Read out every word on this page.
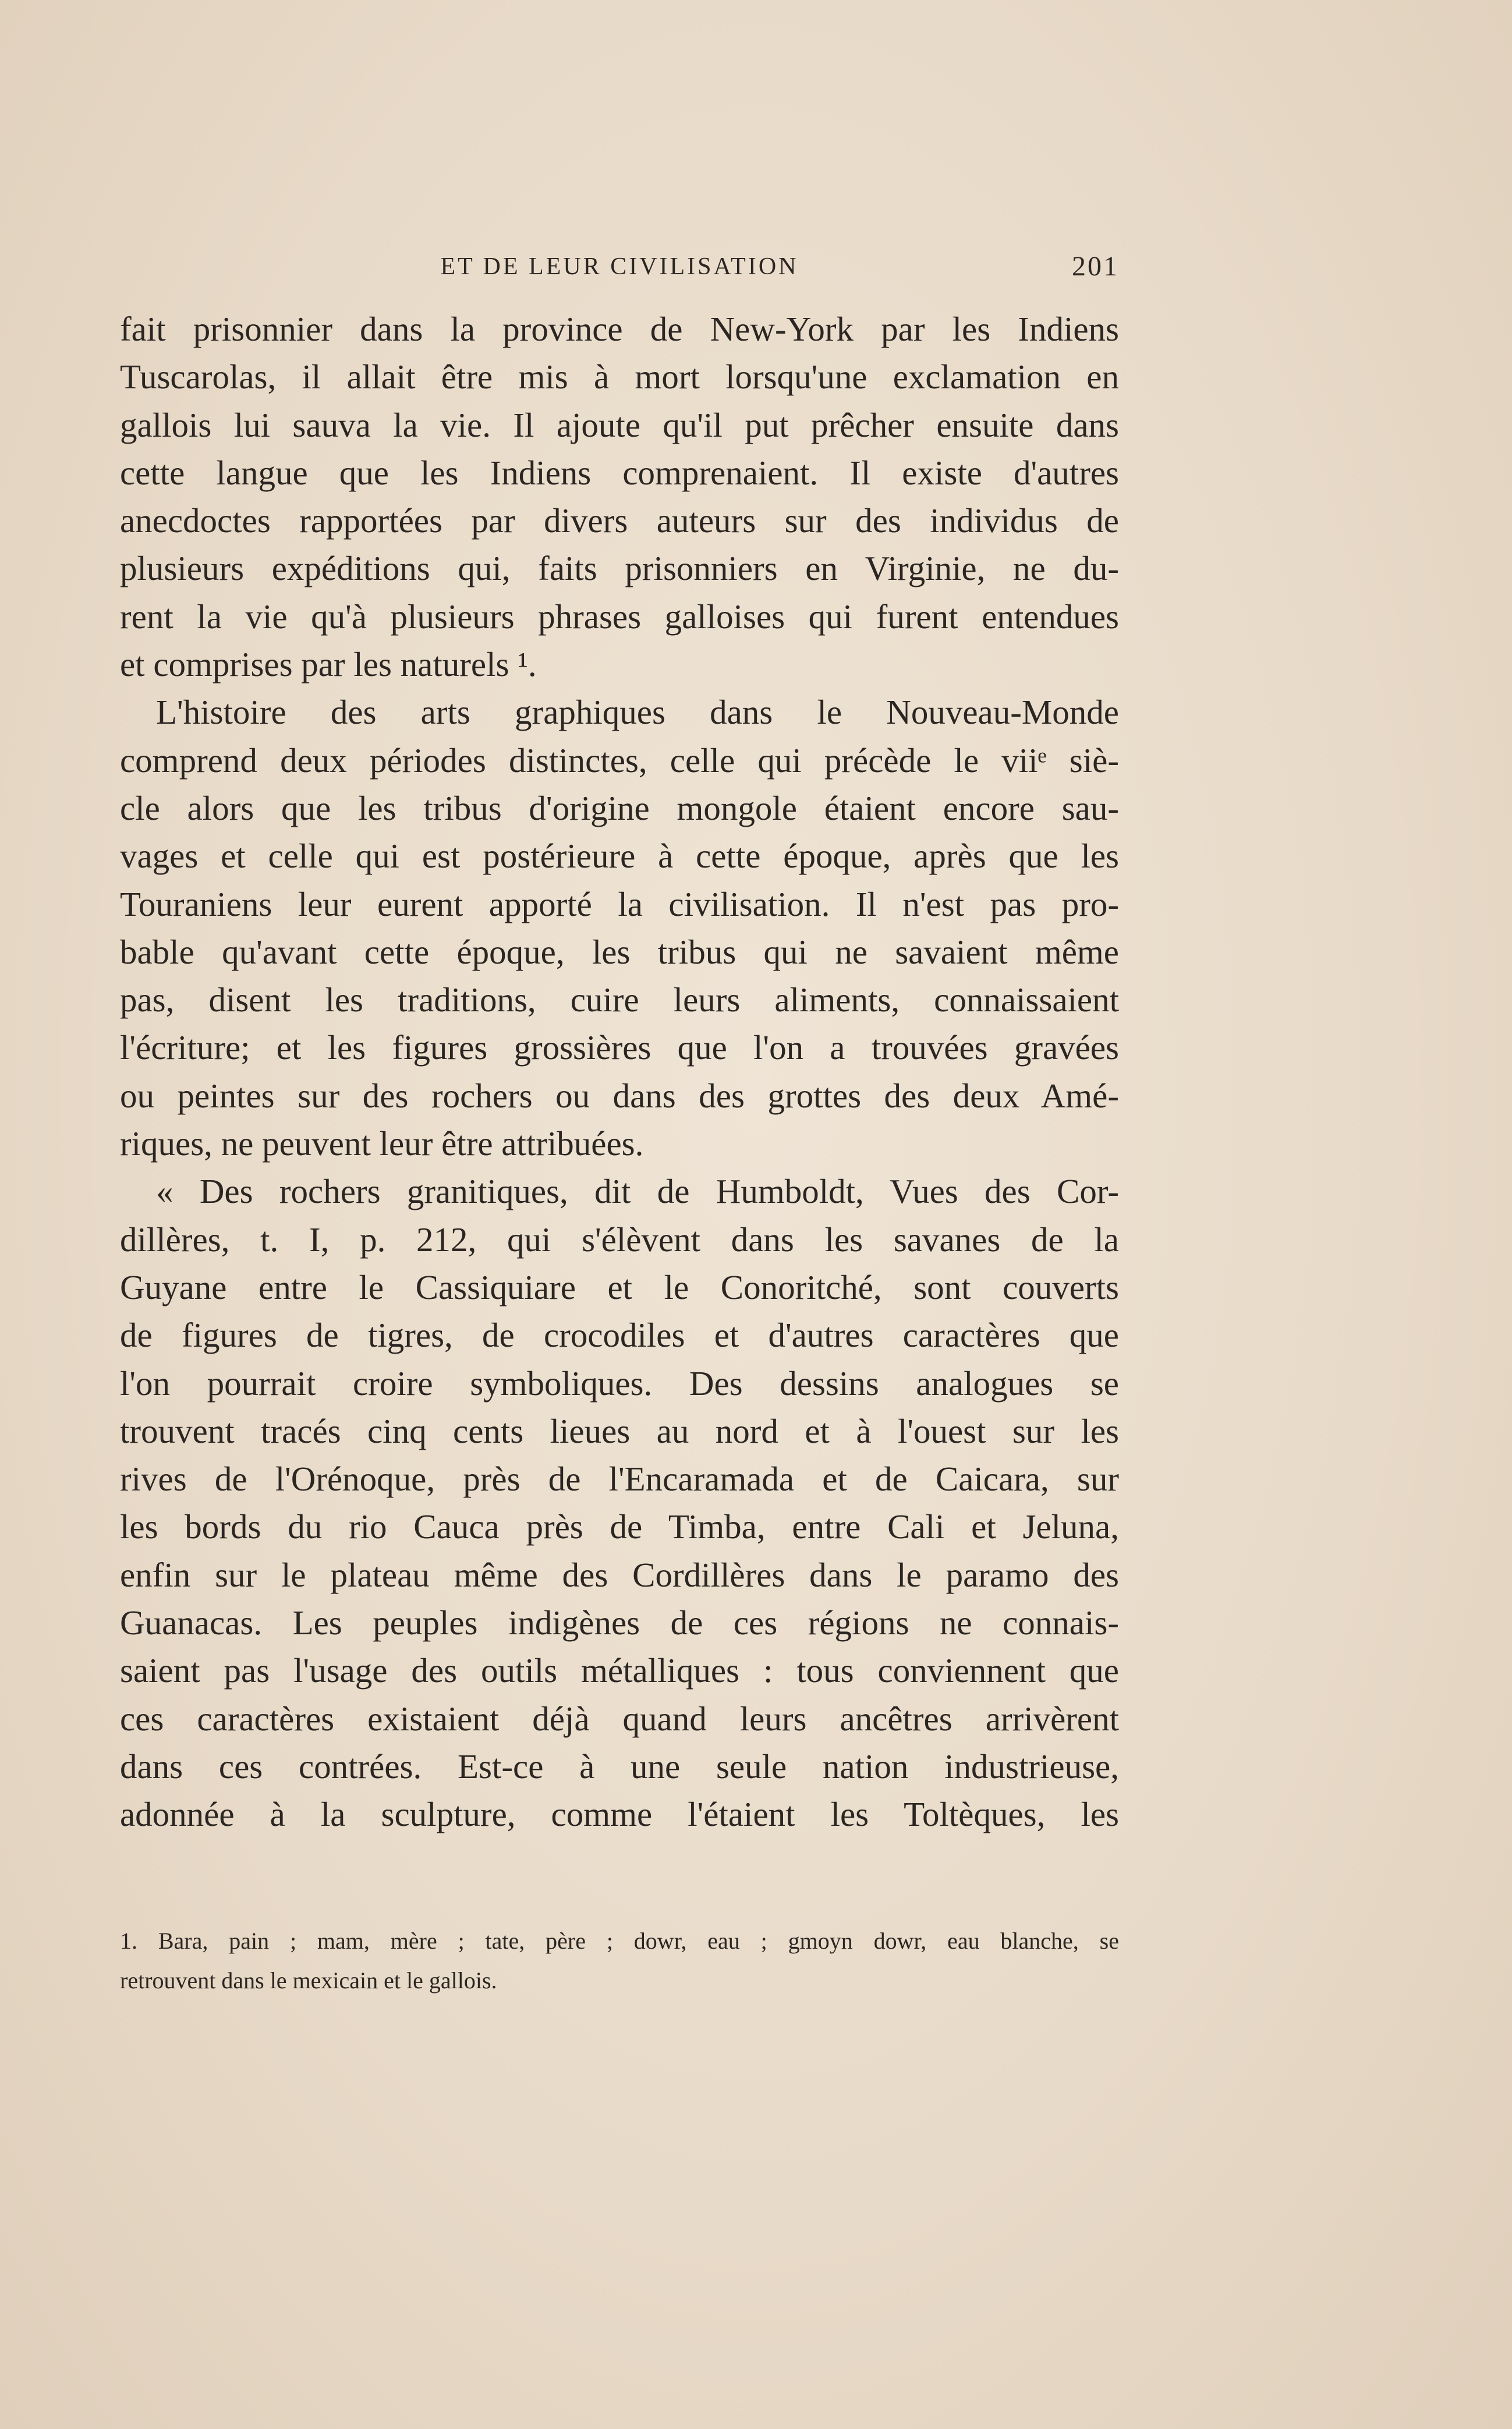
ET DE LEUR CIVILISATION	201
fait prisonnier dans la province de New-York par les Indiens
Tuscarolas, il allait être mis à mort lorsqu'une exclamation en
gallois lui sauva la vie. Il ajoute qu'il put prêcher ensuite dans
cette langue que les Indiens comprenaient. Il existe d'autres
anecdoctes rapportées par divers auteurs sur des individus de
plusieurs expéditions qui, faits prisonniers en Virginie, ne du-
rent la vie qu'à plusieurs phrases galloises qui furent entendues
et comprises par les naturels ¹.
L'histoire des arts graphiques dans le Nouveau-Monde
comprend deux périodes distinctes, celle qui précède le viiᵉ siè-
cle alors que les tribus d'origine mongole étaient encore sau-
vages et celle qui est postérieure à cette époque, après que les
Touraniens leur eurent apporté la civilisation. Il n'est pas pro-
bable qu'avant cette époque, les tribus qui ne savaient même
pas, disent les traditions, cuire leurs aliments, connaissaient
l'écriture; et les figures grossières que l'on a trouvées gravées
ou peintes sur des rochers ou dans des grottes des deux Amé-
riques, ne peuvent leur être attribuées.
« Des rochers granitiques, dit de Humboldt, Vues des Cor-
dillères, t. I, p. 212, qui s'élèvent dans les savanes de la
Guyane entre le Cassiquiare et le Conoritché, sont couverts
de figures de tigres, de crocodiles et d'autres caractères que
l'on pourrait croire symboliques. Des dessins analogues se
trouvent tracés cinq cents lieues au nord et à l'ouest sur les
rives de l'Orénoque, près de l'Encaramada et de Caicara, sur
les bords du rio Cauca près de Timba, entre Cali et Jeluna,
enfin sur le plateau même des Cordillères dans le paramo des
Guanacas. Les peuples indigènes de ces régions ne connais-
saient pas l'usage des outils métalliques : tous conviennent que
ces caractères existaient déjà quand leurs ancêtres arrivèrent
dans ces contrées. Est-ce à une seule nation industrieuse,
adonnée à la sculpture, comme l'étaient les Toltèques, les
1. Bara, pain ; mam, mère ; tate, père ; dowr, eau ; gmoyn dowr, eau blanche, se
retrouvent dans le mexicain et le gallois.
